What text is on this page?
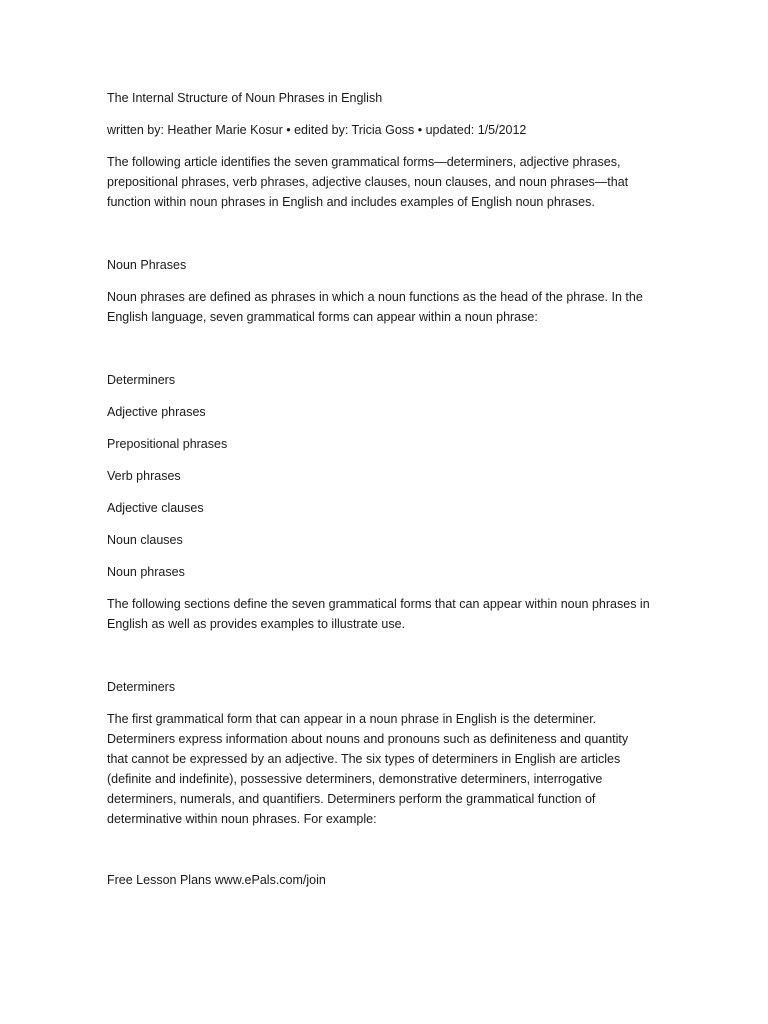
The Internal Structure of Noun Phrases in English
written by: Heather Marie Kosur • edited by: Tricia Goss • updated: 1/5/2012
The following article identifies the seven grammatical forms—determiners, adjective phrases,
prepositional phrases, verb phrases, adjective clauses, noun clauses, and noun phrases—that
function within noun phrases in English and includes examples of English noun phrases.
Noun Phrases
Noun phrases are defined as phrases in which a noun functions as the head of the phrase. In the
English language, seven grammatical forms can appear within a noun phrase:
Determiners
Adjective phrases
Prepositional phrases
Verb phrases
Adjective clauses
Noun clauses
Noun phrases
The following sections define the seven grammatical forms that can appear within noun phrases in
English as well as provides examples to illustrate use.
Determiners
The first grammatical form that can appear in a noun phrase in English is the determiner.
Determiners express information about nouns and pronouns such as definiteness and quantity
that cannot be expressed by an adjective. The six types of determiners in English are articles
(definite and indefinite), possessive determiners, demonstrative determiners, interrogative
determiners, numerals, and quantifiers. Determiners perform the grammatical function of
determinative within noun phrases. For example:
Free Lesson Plans www.ePals.com/join
